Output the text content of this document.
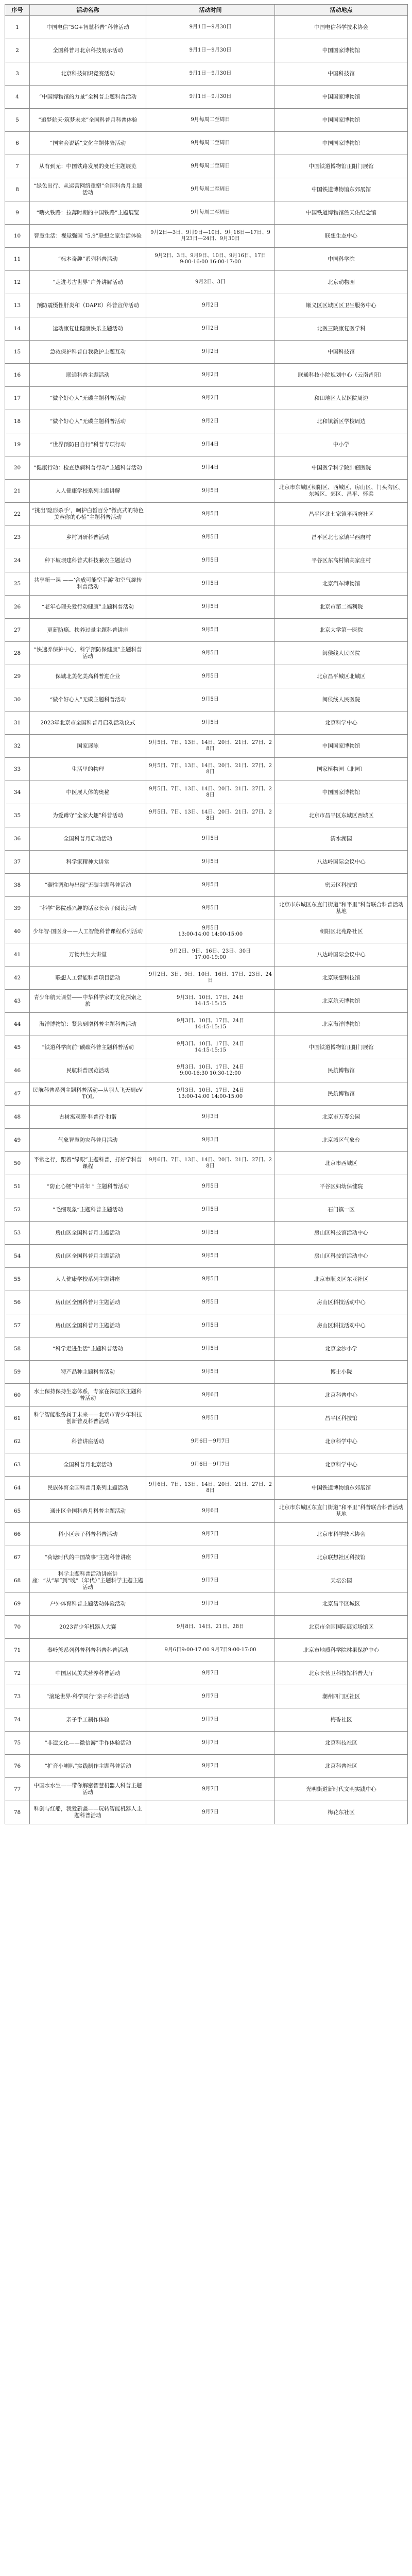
序号	活动名称	活动时间	活动地点
1	中国电信“5G+智慧科普”科普活动	9月1日－9月30日	中国电信科学技术协会
2	全国科普月北京科技展示活动	9月1日－9月30日	中国国家博物馆
3	北京科技知识竞赛活动	9月1日－9月30日	中国科技馆
4	“中国博物馆的力量”全科普主题科普活动	9月1日－9月30日	中国国家博物馆
5	“追梦航天·筑梦未来”全国科普月科普体验	9月每周二至周日	中国国家博物馆
6	“国宝会说话”文化主题体验活动	9月每周二至周日	中国国家博物馆
7	从有到无：中国铁路发展的变迁主题展览	9月每周二至周日	中国铁道博物馆正阳门展馆
8	“绿色出行、从运营网络重塑”全国科普月主题活动	9月每周二至周日	中国铁道博物馆东郊展馆
9	“嗨火铁路：拉薄时期的中国铁路”主题展览	9月每周二至周日	中国铁道博物馆詹天佑纪念馆
10	智慧生活：视觉强国 “5.9”联想之家生活体验	9月2日—3日、9月9日—10日、9月16日—17日、9月23日—24日、9月30日	联想生态中心
11	“标本奇趣”系列科普活动	9月2日、3日、9月9日、10日、9月16日、17日
9:00-16:00 16:00-17:00	中国科学院
12	“走进考古世界”户外讲解活动	9月2日、3日	北京动物园
13	预防震慑性肝炎和（DAPE）科普宣传活动	9月2日	顺义区区城区区卫生服务中心
14	运动康复让健康快乐主题活动	9月2日	北医三院康复医学科
15	急救保护科普自我救护主题互动	9月2日	中国科技馆
16	联通科普主题活动	9月2日	联通科技小院规划中心（云南昔阳）
17	“做个好心人”无碳主题科普活动	9月2日	和田地区人民医院周边
18	“做个好心人”无碳主题科普活动	9月2日	北和镇新区学校周边
19	“世界预防日自行”科普专项行动	9月4日	中小学
20	“健康行动：检查热病科普行动”主题科普活动	9月4日	中国医学科学院肿瘤医院
21	人人健康学校系列主题讲解	9月5日	北京市东城区朝阳区、西城区、房山区、门头沟区、东城区、郊区、昌平、怀柔
22	“挑出‘隐形杀手’，呵护白皙百分”微点式的特色美容你的心桥”主题科普活动	9月5日	昌平区北七家镇平西府社区
23	乡村调研科普活动	9月5日	昌平区北七家镇平西府村
24	种下坡坝建科普式科技兼农主题活动	9月5日	平谷区东高村镇高家庄村
25	共享新一课 ——‘合成可能空手游’和空气旋转科普活动	9月5日	北京汽车博物馆
26	“老年心理关爱行动健康”主题科普活动	9月5日	北京市第二福利院
27	更新防癌、扶养过量主题科普讲座	9月5日	北京大学第一医院
28	“快速养保护中心，科学预防保健康”主题科普活动	9月5日	闽侯线人民医院
29	保城北美化美高科普进企业	9月5日	北京昌平城区北城区
30	“做个好心人”无碳主题科普活动	9月5日	闽侯线人民医院
31	2023年北京市全国科普月启动活动仪式	9月5日	北京科学中心
32	国家展陈	9月5日、7日、13日、14日、20日、21日、27日、28日	中国国家博物馆
33	生活里的物理	9月5日、7日、13日、14日、20日、21日、27日、28日	国家植物园（北园）
34	中医展人体的奥秘	9月5日、7日、13日、14日、20日、21日、27日、28日	中国国家博物馆
35	为爱蹲守“全家大趣”科普活动	9月5日、7日、13日、14日、20日、21日、27日、28日	北京市昌平区东城区西城区
36	全国科普月启动活动	9月5日	清水湖园
37	科学家精神大讲堂	9月5日	八达岭国际会议中心
38	“碳性调和与出现”无碳主题科普活动	9月5日	密云区科技馆
39	“科学”影院感兴趣的话家长亲子阅读活动	9月5日	北京市东城区东直门街道“和平里”科普联合科普活动基地
40	少年智·国医身——人工智能科普课程系列活动	9月5日
13:00-14:00 14:00-15:00	朝阳区北苑路社区
41	万物共生大讲堂	9月2日、9日、16日、23日、30日
17:00-19:00	八达岭国际会议中心
42	联想人工智能科普项目活动	9月2日、3日、9日、10日、16日、17日、23日、24日	北京联想科技馆
43	青少年航天课堂——中华科学家的文化探索之旅	9月3日、10日、17日、24日
14:15-15:15	北京航天博物馆
44	海洋博物馆：紧急到增科普主题科普活动	9月3日、10日、17日、24日
14:15-15:15	北京海洋博物馆
45	“铁道科学向前”碳碳科普主题科普活动	9月3日、10日、17日、24日
14:15-15:15	中国铁道博物馆正阳门展馆
46	民航科普展览活动	9月3日、10日、17日、24日
9:00-16:30 10:30-12:00	民航博物馆
47	民航科普系列主题科普活动—从羽人飞天到eVTOL	9月3日、10日、17日、24日
13:00-14:00 14:00-15:00	民航博物馆
48	古树寓观察·科普行·和谐	9月3日	北京市万寿公园
49	气象智慧防灾科普月活动	9月3日	北京城区气象台
50	平常之行，跟着“绿眼”主题科普，打好学科普课程	9月6日、7日、13日、14日、20日、21日、27日、28日	北京市西城区
51	“防止心梗”中青年 ” 主题科普活动	9月5日	平谷区妇幼保健院
52	“毛细现象”主题科普主题活动	9月5日	石门镇一区
53	房山区全国科普月主题活动	9月5日	房山区科技馆活动中心
54	房山区全国科普月主题活动	9月5日	房山区科技馆活动中心
55	人人健康学校系列主题讲座	9月5日	北京市顺义区东亚社区
56	房山区全国科普月主题活动	9月5日	房山区科技活动中心
57	房山区全国科普月主题活动	9月5日	房山区科技活动中心
58	“科学走进生活”主题科普活动	9月5日	北京金沙小学
59	特产品种主题科普活动	9月5日	博士小院
60	水土保持保持生态体系，专家在深层次主题科普活动	9月6日	北京科普中心
61	科学智能服务属于未来——北京市青少年科技创新普及科普活动	9月5日	昌平区科技馆
62	科普讲座活动	9月6日－9月7日	北京科学中心
63	全国科普月北京活动	9月6日－9月7日	北京科学中心
64	民族体育全国科普月系列主题活动	9月6日、7日、13日、14日、20日、21日、27日、28日	中国铁道博物馆东郊展馆
65	通州区全国科普月科普主题活动	9月6日	北京市东城区东直门街道“和平里”科普联合科普活动基地
66	科小区亲子科普科普活动	9月7日	北京市科学技术协会
67	“荷塘时代的中国故事”主题科普讲座	9月7日	北京联想社区科技馆
68	科学主题科普活动讲座讲座：“从“早”到“晚”（年代）”主题科学主题主题活动	9月7日	天坛公园
69	户外体育科普主题活动体验活动	9月7日	北京昌平区城区
70	2023青少年机器人大赛	9月8日、14日、21日、28日	北京市全国国际展览场馆区
71	秦岭熊系列科普科普科普科普活动	9月6日9:00-17:00 9月7日9:00-17:00	北京市地质科学院林果保护中心
72	中国居民美式营养科普活动	9月7日	北京长营卫科技馆科普大厅
73	“滚轮世界·科学同行”亲子科普活动	9月7日	潮州四门区社区
74	亲子手工制作体验	9月7日	梅香社区
75	“非遗文化——微信游”手作体验活动	9月7日	北京科技社区
76	“扩音小喇叭”实践制作主题科普活动	9月7日	北京科普社区
77	中国水水生——带你解密智慧机器人科普主题活动	9月7日	光明街道新时代文明实践中心
78	科创与红船，我爱新疆——玩转智能机器人主题科普活动	9月7日	梅花东社区
